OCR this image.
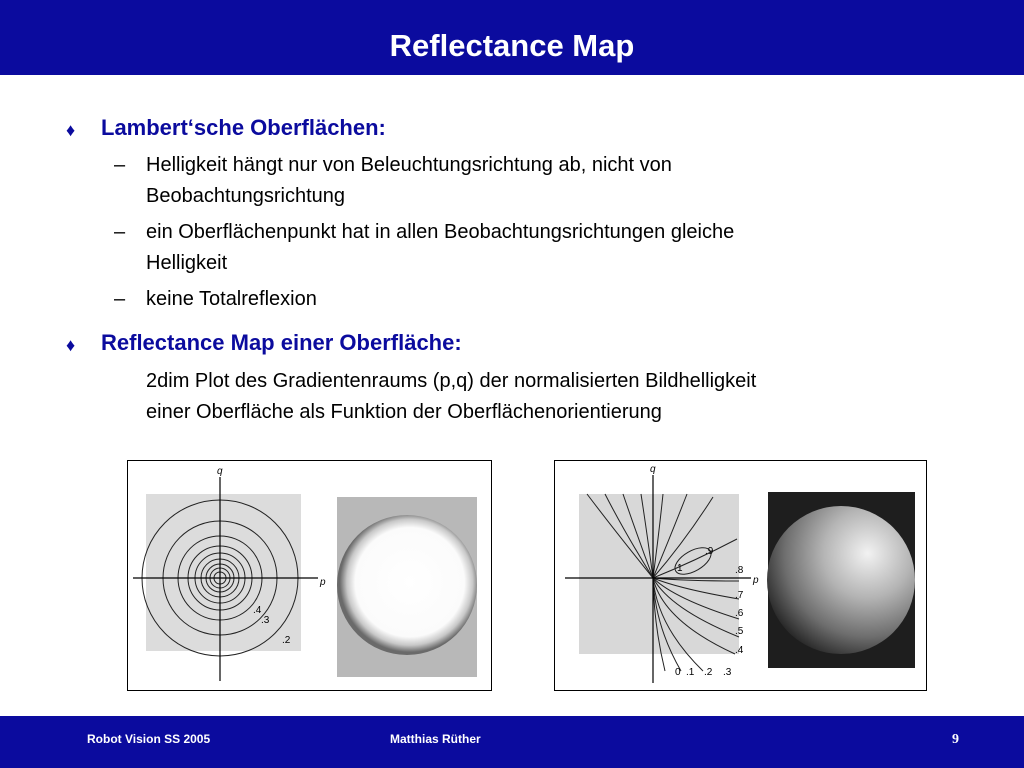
Reflectance Map
♦ Lambert‘sche Oberflächen:
– Helligkeit hängt nur von Beleuchtungsrichtung ab, nicht von
Beobachtungsrichtung
– ein Oberflächenpunkt hat in allen Beobachtungsrichtungen gleiche
Helligkeit
– keine Totalreflexion
♦ Reflectance Map einer Oberfläche:
2dim Plot des Gradientenraums (p,q) der normalisierten Bildhelligkeit
einer Oberfläche als Funktion der Oberflächenorientierung
q
p
.4
.3
.2
q
p
1
.9
.8
.7
.6
.5
.4
0 .1 .2 .3
Robot Vision SS 2005	Matthias Rüther	9
